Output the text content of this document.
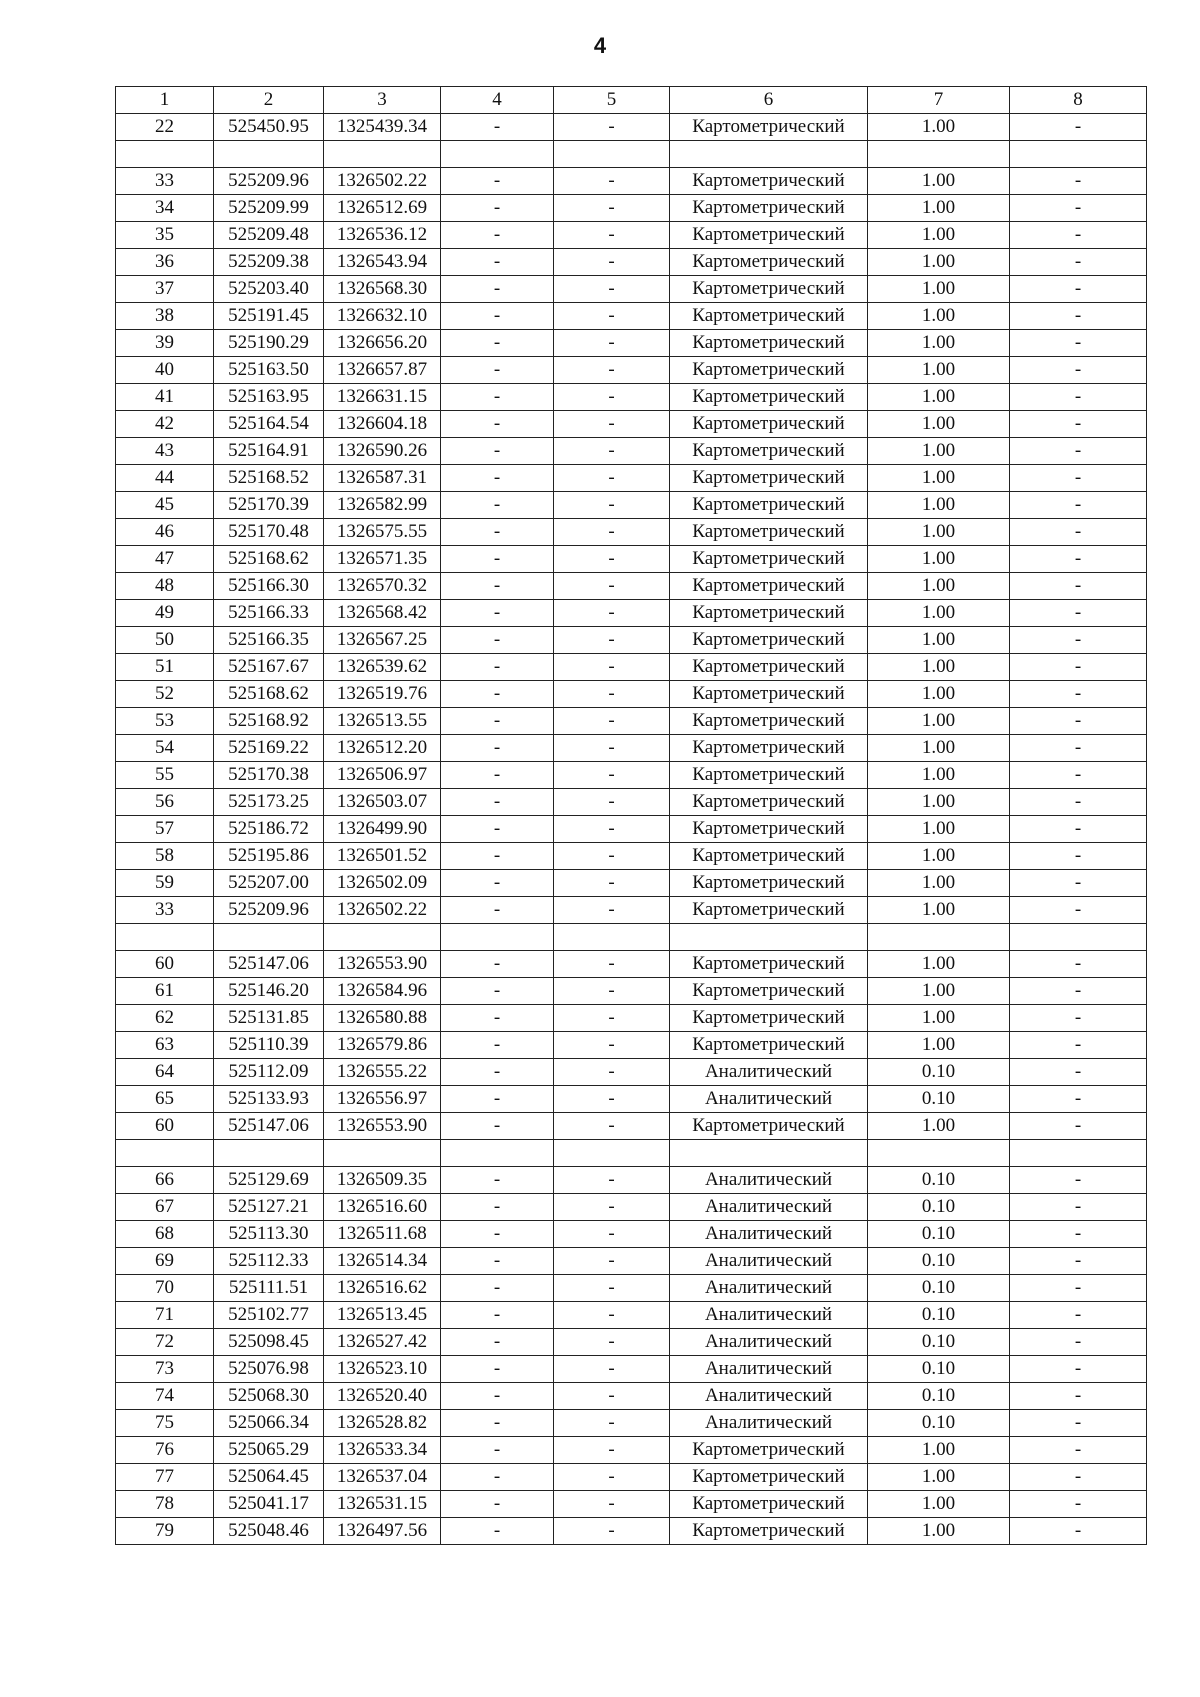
4
1	2	3	4	5	6	7	8
22	525450.95	1325439.34	-	-	Картометрический	1.00	-

33	525209.96	1326502.22	-	-	Картометрический	1.00	-
34	525209.99	1326512.69	-	-	Картометрический	1.00	-
35	525209.48	1326536.12	-	-	Картометрический	1.00	-
36	525209.38	1326543.94	-	-	Картометрический	1.00	-
37	525203.40	1326568.30	-	-	Картометрический	1.00	-
38	525191.45	1326632.10	-	-	Картометрический	1.00	-
39	525190.29	1326656.20	-	-	Картометрический	1.00	-
40	525163.50	1326657.87	-	-	Картометрический	1.00	-
41	525163.95	1326631.15	-	-	Картометрический	1.00	-
42	525164.54	1326604.18	-	-	Картометрический	1.00	-
43	525164.91	1326590.26	-	-	Картометрический	1.00	-
44	525168.52	1326587.31	-	-	Картометрический	1.00	-
45	525170.39	1326582.99	-	-	Картометрический	1.00	-
46	525170.48	1326575.55	-	-	Картометрический	1.00	-
47	525168.62	1326571.35	-	-	Картометрический	1.00	-
48	525166.30	1326570.32	-	-	Картометрический	1.00	-
49	525166.33	1326568.42	-	-	Картометрический	1.00	-
50	525166.35	1326567.25	-	-	Картометрический	1.00	-
51	525167.67	1326539.62	-	-	Картометрический	1.00	-
52	525168.62	1326519.76	-	-	Картометрический	1.00	-
53	525168.92	1326513.55	-	-	Картометрический	1.00	-
54	525169.22	1326512.20	-	-	Картометрический	1.00	-
55	525170.38	1326506.97	-	-	Картометрический	1.00	-
56	525173.25	1326503.07	-	-	Картометрический	1.00	-
57	525186.72	1326499.90	-	-	Картометрический	1.00	-
58	525195.86	1326501.52	-	-	Картометрический	1.00	-
59	525207.00	1326502.09	-	-	Картометрический	1.00	-
33	525209.96	1326502.22	-	-	Картометрический	1.00	-

60	525147.06	1326553.90	-	-	Картометрический	1.00	-
61	525146.20	1326584.96	-	-	Картометрический	1.00	-
62	525131.85	1326580.88	-	-	Картометрический	1.00	-
63	525110.39	1326579.86	-	-	Картометрический	1.00	-
64	525112.09	1326555.22	-	-	Аналитический	0.10	-
65	525133.93	1326556.97	-	-	Аналитический	0.10	-
60	525147.06	1326553.90	-	-	Картометрический	1.00	-

66	525129.69	1326509.35	-	-	Аналитический	0.10	-
67	525127.21	1326516.60	-	-	Аналитический	0.10	-
68	525113.30	1326511.68	-	-	Аналитический	0.10	-
69	525112.33	1326514.34	-	-	Аналитический	0.10	-
70	525111.51	1326516.62	-	-	Аналитический	0.10	-
71	525102.77	1326513.45	-	-	Аналитический	0.10	-
72	525098.45	1326527.42	-	-	Аналитический	0.10	-
73	525076.98	1326523.10	-	-	Аналитический	0.10	-
74	525068.30	1326520.40	-	-	Аналитический	0.10	-
75	525066.34	1326528.82	-	-	Аналитический	0.10	-
76	525065.29	1326533.34	-	-	Картометрический	1.00	-
77	525064.45	1326537.04	-	-	Картометрический	1.00	-
78	525041.17	1326531.15	-	-	Картометрический	1.00	-
79	525048.46	1326497.56	-	-	Картометрический	1.00	-
